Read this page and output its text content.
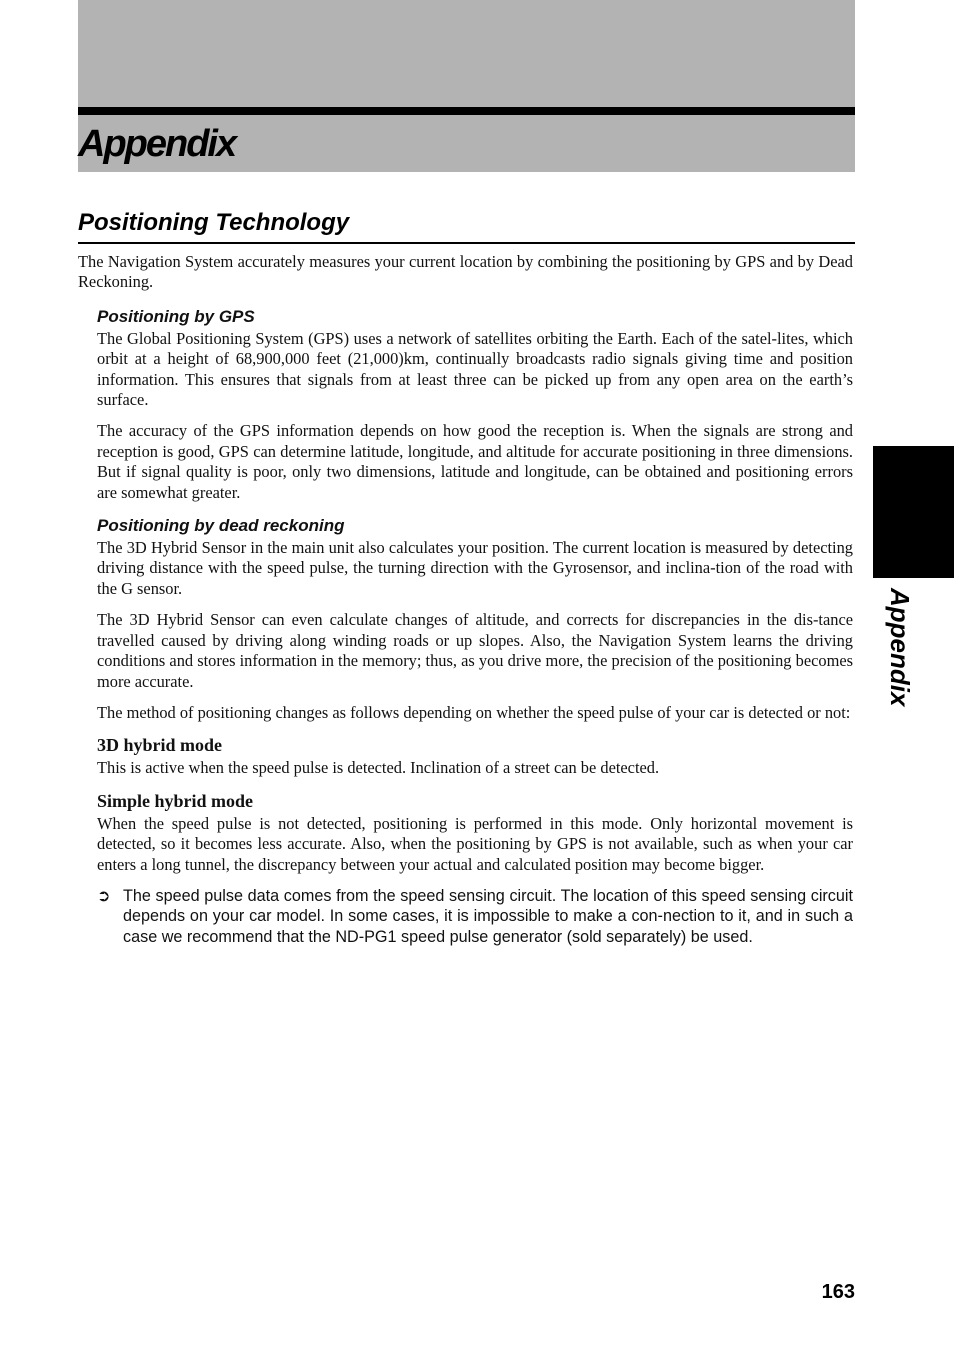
Appendix
Positioning Technology

The Navigation System accurately measures your current location by combining the positioning by GPS and by Dead Reckoning.

Positioning by GPS

The Global Positioning System (GPS) uses a network of satellites orbiting the Earth. Each of the satel-lites, which orbit at a height of 68,900,000 feet (21,000)km, continually broadcasts radio signals giving time and position information. This ensures that signals from at least three can be picked up from any open area on the earth’s surface.

The accuracy of the GPS information depends on how good the reception is. When the signals are strong and reception is good, GPS can determine latitude, longitude, and altitude for accurate positioning in three dimensions. But if signal quality is poor, only two dimensions, latitude and longitude, can be obtained and positioning errors are somewhat greater.

Positioning by dead reckoning

The 3D Hybrid Sensor in the main unit also calculates your position. The current location is measured by detecting driving distance with the speed pulse, the turning direction with the Gyrosensor, and inclina-tion of the road with the G sensor.

The 3D Hybrid Sensor can even calculate changes of altitude, and corrects for discrepancies in the dis-tance travelled caused by driving along winding roads or up slopes. Also, the Navigation System learns the driving conditions and stores information in the memory; thus, as you drive more, the precision of the positioning becomes more accurate.

The method of positioning changes as follows depending on whether the speed pulse of your car is detected or not:

3D hybrid mode

This is active when the speed pulse is detected. Inclination of a street can be detected.

Simple hybrid mode

When the speed pulse is not detected, positioning is performed in this mode. Only horizontal movement is detected, so it becomes less accurate. Also, when the positioning by GPS is not available, such as when your car enters a long tunnel, the discrepancy between your actual and calculated position may become bigger.

➲ The speed pulse data comes from the speed sensing circuit. The location of this speed sensing circuit depends on your car model. In some cases, it is impossible to make a con-nection to it, and in such a case we recommend that the ND-PG1 speed pulse generator (sold separately) be used.
Appendix
163
